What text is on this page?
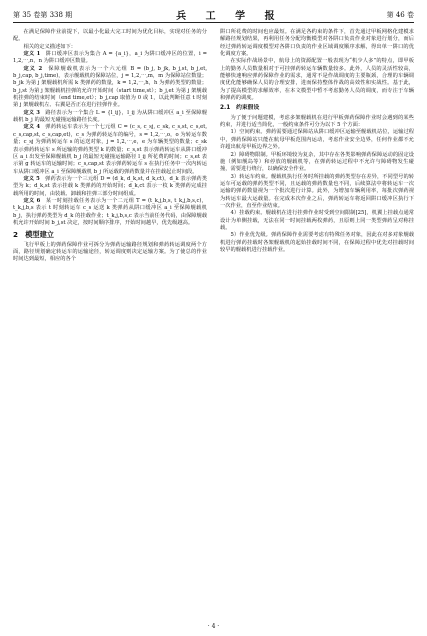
第 35 卷第 338 期	兵 工 学 报	第 46 卷

在满足保障作业前提下，以最小化最大完工时间为优化目标，实现对任务的分配。

相关的定义描述如下：

定义 1  阱口缓冲区表示为集合 A = {a_i}，a_i 为阱口缓冲区的位置，i = 1,2,⋯,n，n 为阱口缓冲区数量。

定义 2  保障舰载机表示为一个六元组 B = (b_j, b_jk, b_j,st, b_j,et, b_j,cap, b_j,time)，表示舰载机的保障站位，j = 1,2,⋯,m，m 为保障站位数量；b_jk 为第 j 架舰载机所需 k 类弹药的数量，k = 1,2,⋯,h，h 为弹药类型的数量；b_j,st 为第 j 架舰载机挂弹的允许开始时间（start time,st）；b_j,et 为第 j 架舰载机挂弹的结束时间（end time,et）；b_j,cap 取值为 0 或 1，以此判断任意 t 时刻第 j 架舰载机左、右翼是否正在进行挂弹作业。

定义 3  路径表示为一个集合 L = {l_ij}，l_ij 为从阱口缓冲区 a_i 至保障舰载机 b_j 的最短无碰撞运输路径长度。

定义 4  弹药转运车表示为一个七元组 C = (c_s, c_sj, c_sk, c_s,st, c_s,et, c_s,cap,st, c_s,cap,et)，c_s 为弹药转运车的编号，s = 1,2,⋯,o，o 为转运车数量；c_sj 为弹药转运车 s 的运送对象，j = 1,2,⋯,e，e 为车辆类型的数量；c_sk 表示弹药转运车 s 所运输的弹药类型 k 的数量；c_s,st 表示弹药转运车从阱口缓冲区 a_i 出发至保障舰载机 b_j 的最短无碰撞运输路径 l_ij 所花费的时间；c_s,et 表示第 g 转运车的运输时间；c_s,cap,st 表示弹药转运车 s 在执行任务中一次内转运车从阱口缓冲区 a_i 至保障舰载机 b_j 所运载的弹药数量并在挂载起止时间段。

定义 5  弹药表示为一个三元组 D = (d_k, d_k,st, d_k,ct)，d_k 表示弹药类型为 k；d_k,st 表示挂载 k 类弹药的开始时间；d_k,ct 表示一枚 k 类弹药完成挂载所用的时间，由装载、卸载和挂弹三部分时间组成。

定义 6  某一时刻挂载任务表示为一个二元组 T = (t_k,j,b,s, t_k,j,b,s,c)，t_k,j,b,s 表示 t 时刻转运车 c_s 运送 k 类弹药从阱口缓冲区 a_i 至保障舰载机 b_j，执行弹药类型为 d_k 的挂载作业；t_k,j,b,s,c 表示当前任务代码，由保障舰载机允许开始时间 b_j,st 决定，按时间顺序排序，开始时间越早，优先级越高。

2　模型建立

飞行甲板上的弹药保障作业可拆分为弹药运输路径规划和弹药转运调度两个方面，路径规划确定转运车的运输途径，转运调度则决定运输方案。为了使总的作业时间达到最短，相应的各个

阱口所花费的时间也应最短。在满足各约束的条件下，首先通过甲板网格化建模求解路径规划结果，再利用任务分配均衡模型对各阱口负责作业对象进行划分，而后经过弹药转运调度模型对各阱口负责的作业区域调度顺序求解，得出单一阱口的优化调度方案。

在实际作战场景中，航母上的资源配置一般表现为“机少人多”的特点，即甲板上的勤务人员数量相对于可挂弹药转运车辆数量较多。此外，人员的灵活性较高，能够快速响应弹药保障作业的需求，通常不是作战调度的主要瓶颈，合理的车辆调度优化能够确保人员的合理安排，进而保持整体作战的高效性和实战性。基于此，为了提高模型的求解效率，在本文模型中暂不考虑勤务人员的调度，而专注于车辆和弹药的调度。

2.1　约束假设

为了便于问题建模，考虑多架舰载机在进行甲板弹药保障作业时会遇到的某些约束，并进行适当简化，一般约束条件可分为以下 5 个方面：

1）空间约束。弹药需要通过保障站从阱口缓冲区运输至舰载机站位，运输过程中，弹药保障站只能在航母甲板范围内运动，考虑作业安全边界，任何作业都不允许超出航母甲板边界之外。

2）障碍物限制。甲板环境较为复杂，其中存在各类影响弹药保障运动的固定设施（例如舰岛等）和停放的舰载机等，在弹药转运过程中不允许与障碍物发生碰撞，需要进行绕行，以确保安全作业。

3）转运车约束。舰载机执行任务时所挂载的弹药类型存在差异，不同型号的转运车可运载的弹药类型不同，且运载的弹药数量也不同，后续算法中将转运车一次运输的弹药数量视为一个批次进行计算。此外，为增加车辆利用率，每批次弹药视为转运车最大运载量。在完成本次作业之后，弹药转运车将返回阱口缓冲区执行下一次作业，直至作业结束。

4）挂载约束。舰载机在进行挂弹作业时受到空间限制[25]，机翼上挂载点通常设计为单侧挂载，无法在同一时间挂载两枚弹药，且原则上同一类型弹药呈对称挂载。

5）作业优先级。弹药保障作业需要考虑有特殊任务对象，因此在对多对象舰载机进行弹药挂载时各架舰载机的起始挂载时间不同，在保障过程中优先对挂载时间较早的舰载机进行挂载作业。

· 4 ·
